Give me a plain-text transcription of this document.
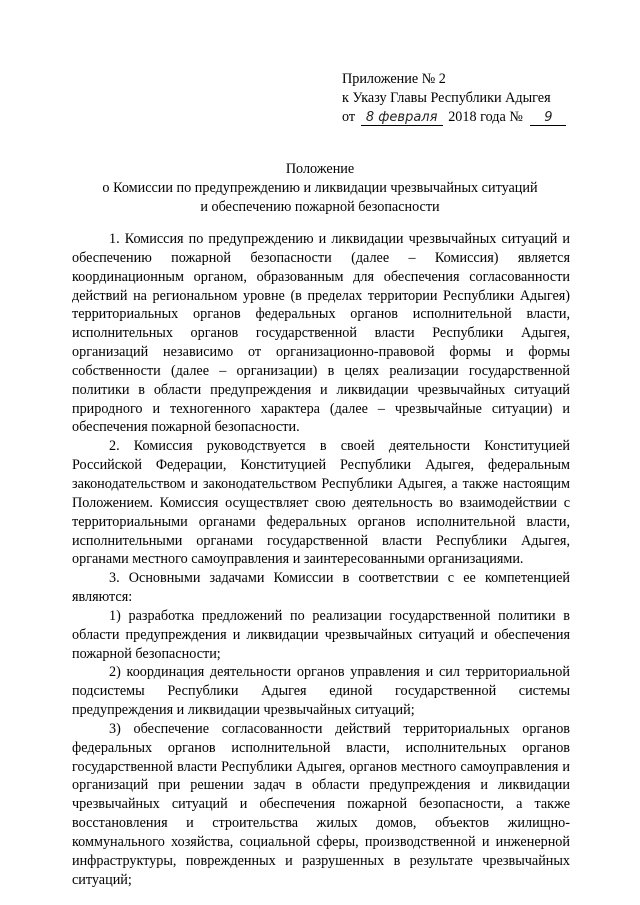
Приложение № 2
к Указу Главы Республики Адыгея
от 8 февраля 2018 года № 9
Положение
о Комиссии по предупреждению и ликвидации чрезвычайных ситуаций
и обеспечению пожарной безопасности

1. Комиссия по предупреждению и ликвидации чрезвычайных ситуаций и обеспечению пожарной безопасности (далее – Комиссия) является координационным органом, образованным для обеспечения согласованности действий на региональном уровне (в пределах территории Республики Адыгея) территориальных органов федеральных органов исполнительной власти, исполнительных органов государственной власти Республики Адыгея, организаций независимо от организационно-правовой формы и формы собственности (далее – организации) в целях реализации государственной политики в области предупреждения и ликвидации чрезвычайных ситуаций природного и техногенного характера (далее – чрезвычайные ситуации) и обеспечения пожарной безопасности.

2. Комиссия руководствуется в своей деятельности Конституцией Российской Федерации, Конституцией Республики Адыгея, федеральным законодательством и законодательством Республики Адыгея, а также настоящим Положением. Комиссия осуществляет свою деятельность во взаимодействии с территориальными органами федеральных органов исполнительной власти, исполнительными органами государственной власти Республики Адыгея, органами местного самоуправления и заинтересованными организациями.

3. Основными задачами Комиссии в соответствии с ее компетенцией являются:

1) разработка предложений по реализации государственной политики в области предупреждения и ликвидации чрезвычайных ситуаций и обеспечения пожарной безопасности;

2) координация деятельности органов управления и сил территориальной подсистемы Республики Адыгея единой государственной системы предупреждения и ликвидации чрезвычайных ситуаций;

3) обеспечение согласованности действий территориальных органов федеральных органов исполнительной власти, исполнительных органов государственной власти Республики Адыгея, органов местного самоуправления и организаций при решении задач в области предупреждения и ликвидации чрезвычайных ситуаций и обеспечения пожарной безопасности, а также восстановления и строительства жилых домов, объектов жилищно-коммунального хозяйства, социальной сферы, производственной и инженерной инфраструктуры, поврежденных и разрушенных в результате чрезвычайных ситуаций;
